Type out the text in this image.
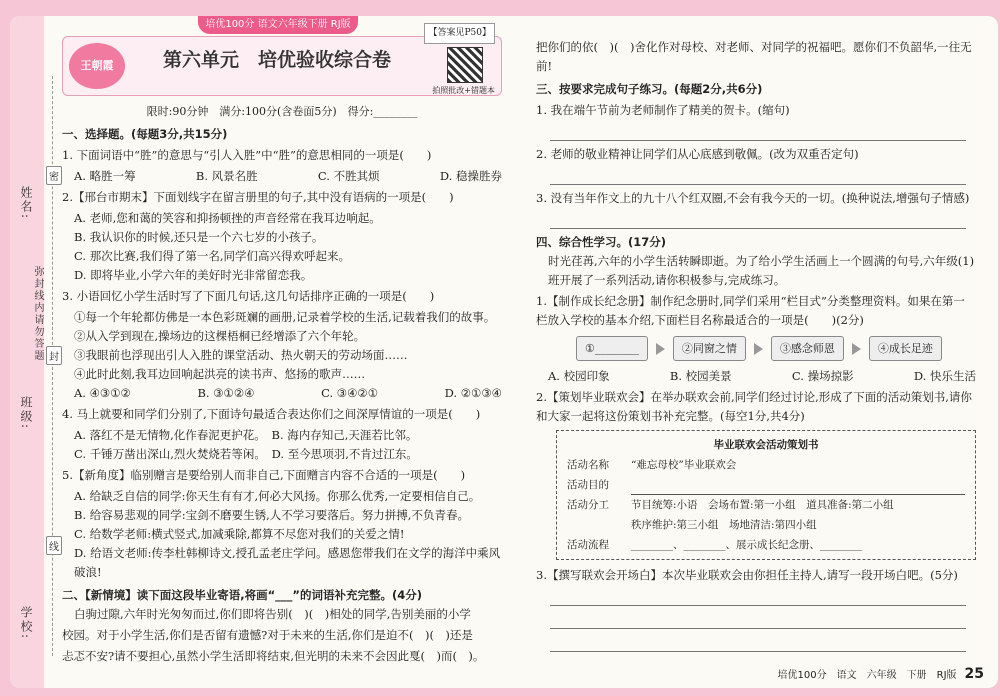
姓名:
班级:
学校:
弥封线内请勿答题
密
封
线
培优100分 语文六年级下册 RJ版
王朝霞	第六单元　培优验收综合卷
【答案见P50】
拍照批改+错题本
限时:90分钟　满分:100分(含卷面5分)　得分:________
一、选择题。(每题3分,共15分)
1. 下面词语中“胜”的意思与“引人入胜”中“胜”的意思相同的一项是(　　)
A. 略胜一筹	B. 风景名胜	C. 不胜其烦	D. 稳操胜券
2.【邢台市期末】下面划线字在留言册里的句子,其中没有语病的一项是(　　)
A. 老师,您和蔼的笑容和抑扬顿挫的声音经常在我耳边响起。
B. 我认识你的时候,还只是一个六七岁的小孩子。
C. 那次比赛,我们得了第一名,同学们高兴得欢呼起来。
D. 即将毕业,小学六年的美好时光非常留恋我。
3. 小语回忆小学生活时写了下面几句话,这几句话排序正确的一项是(　　)
①每一个年轮都仿佛是一本色彩斑斓的画册,记录着学校的生活,记载着我们的故事。
②从入学到现在,操场边的这棵梧桐已经增添了六个年轮。
③我眼前也浮现出引人入胜的课堂活动、热火朝天的劳动场面……
④此时此刻,我耳边回响起洪亮的读书声、悠扬的歌声……
A. ④③①②	B. ③①②④	C. ③④②①	D. ②①③④
4. 马上就要和同学们分别了,下面诗句最适合表达你们之间深厚情谊的一项是(　　)
A. 落红不是无情物,化作春泥更护花。　B. 海内存知己,天涯若比邻。
C. 千锤万凿出深山,烈火焚烧若等闲。　D. 至今思项羽,不肯过江东。
5.【新角度】临别赠言是要给别人而非自己,下面赠言内容不合适的一项是(　　)
A. 给缺乏自信的同学:你天生有有才,何必大风扬。你那么优秀,一定要相信自己。
B. 给容易悲观的同学:宝剑不磨要生锈,人不学习要落后。努力拼搏,不负青春。
C. 给数学老师:横式竖式,加减乘除,都算不尽您对我们的关爱之情!
D. 给语文老师:传李杜韩柳诗文,授孔孟老庄学问。感恩您带我们在文学的海洋中乘风破浪!
二、【新情境】读下面这段毕业寄语,将画“___”的词语补充完整。(4分)
白驹过隙,六年时光匆匆而过,你们即将告别(　)(　)相处的同学,告别美丽的小学
校园。对于小学生活,你们是否留有遗憾?对于未来的生活,你们是迫不(　)(　)还是
忐忑不安?请不要担心,虽然小学生活即将结束,但光明的未来不会因此戛(　)而(　)。
把你们的依(　)(　)舍化作对母校、对老师、对同学的祝福吧。愿你们不负韶华,一往无前!
三、按要求完成句子练习。(每题2分,共6分)
1. 我在端午节前为老师制作了精美的贺卡。(缩句)
2. 老师的敬业精神让同学们从心底感到敬佩。(改为双重否定句)
3. 没有当年作文上的九十八个红双圈,不会有我今天的一切。(换种说法,增强句子情感)
四、综合性学习。(17分)
时光荏苒,六年的小学生活转瞬即逝。为了给小学生活画上一个圆满的句号,六年级(1)班开展了一系列活动,请你积极参与,完成练习。
1.【制作成长纪念册】制作纪念册时,同学们采用“栏目式”分类整理资料。如果在第一栏放入学校的基本介绍,下面栏目名称最适合的一项是(　　)(2分)
①________	②同窗之情	③感念师恩	④成长足迹
A. 校园印象	B. 校园美景	C. 操场掠影	D. 快乐生活
2.【策划毕业联欢会】在举办联欢会前,同学们经过讨论,形成了下面的活动策划书,请你和大家一起将这份策划书补充完整。(每空1分,共4分)
毕业联欢会活动策划书
活动名称	“难忘母校”毕业联欢会
活动目的
活动分工	节目统筹:小语　会场布置:第一小组　道具准备:第二小组
秩序维护:第三小组　场地清洁:第四小组
活动流程	________、________、展示成长纪念册、________
3.【撰写联欢会开场白】本次毕业联欢会由你担任主持人,请写一段开场白吧。(5分)
培优100分　语文　六年级　下册　RJ版 25
